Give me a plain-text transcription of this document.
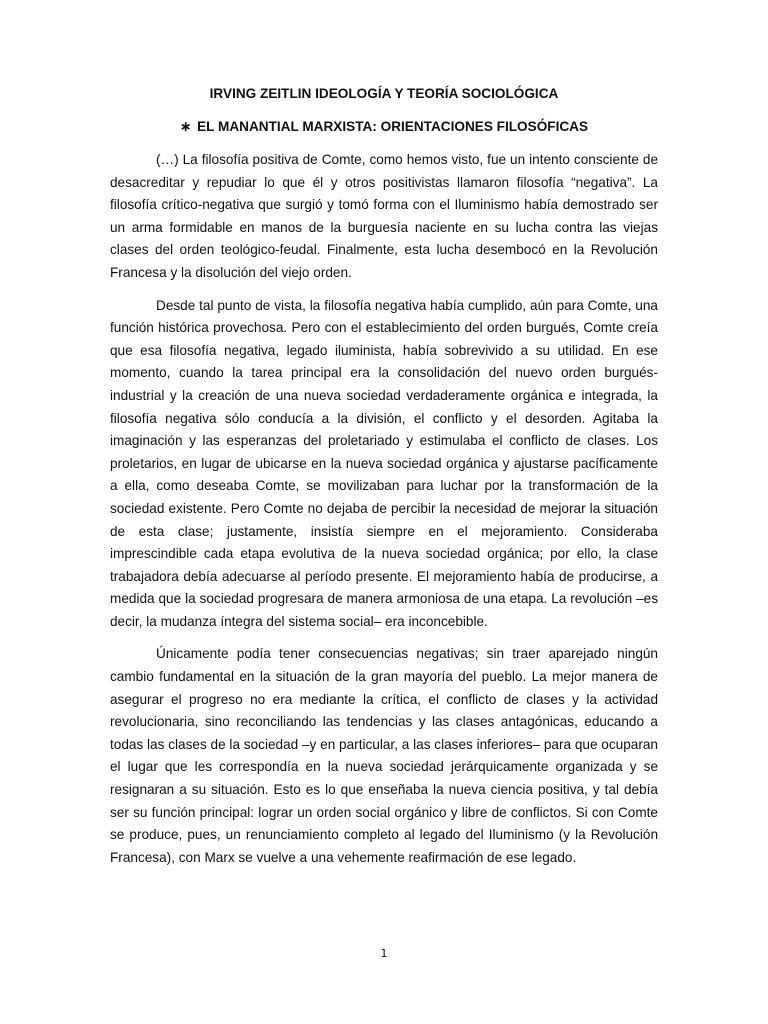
IRVING ZEITLIN IDEOLOGÍA Y TEORÍA SOCIOLÓGICA
∗ EL MANANTIAL MARXISTA: ORIENTACIONES FILOSÓFICAS

(…) La filosofía positiva de Comte, como hemos visto, fue un intento consciente de desacreditar y repudiar lo que él y otros positivistas llamaron filosofía “negativa”. La filosofía crítico-negativa que surgió y tomó forma con el Iluminismo había demostrado ser un arma formidable en manos de la burguesía naciente en su lucha contra las viejas clases del orden teológico-feudal. Finalmente, esta lucha desembocó en la Revolución Francesa y la disolución del viejo orden.

Desde tal punto de vista, la filosofía negativa había cumplido, aún para Comte, una función histórica provechosa. Pero con el establecimiento del orden burgués, Comte creía que esa filosofía negativa, legado iluminista, había sobrevivido a su utilidad. En ese momento, cuando la tarea principal era la consolidación del nuevo orden burgués-industrial y la creación de una nueva sociedad verdaderamente orgánica e integrada, la filosofía negativa sólo conducía a la división, el conflicto y el desorden. Agitaba la imaginación y las esperanzas del proletariado y estimulaba el conflicto de clases. Los proletarios, en lugar de ubicarse en la nueva sociedad orgánica y ajustarse pacíficamente a ella, como deseaba Comte, se movilizaban para luchar por la transformación de la sociedad existente. Pero Comte no dejaba de percibir la necesidad de mejorar la situación de esta clase; justamente, insistía siempre en el mejoramiento. Consideraba imprescindible cada etapa evolutiva de la nueva sociedad orgánica; por ello, la clase trabajadora debía adecuarse al período presente. El mejoramiento había de producirse, a medida que la sociedad progresara de manera armoniosa de una etapa. La revolución –es decir, la mudanza íntegra del sistema social– era inconcebible.

Únicamente podía tener consecuencias negativas; sin traer aparejado ningún cambio fundamental en la situación de la gran mayoría del pueblo. La mejor manera de asegurar el progreso no era mediante la crítica, el conflicto de clases y la actividad revolucionaria, sino reconciliando las tendencias y las clases antagónicas, educando a todas las clases de la sociedad –y en particular, a las clases inferiores– para que ocuparan el lugar que les correspondía en la nueva sociedad jerárquicamente organizada y se resignaran a su situación. Esto es lo que enseñaba la nueva ciencia positiva, y tal debía ser su función principal: lograr un orden social orgánico y libre de conflictos. Si con Comte se produce, pues, un renunciamiento completo al legado del Iluminismo (y la Revolución Francesa), con Marx se vuelve a una vehemente reafirmación de ese legado.

1
